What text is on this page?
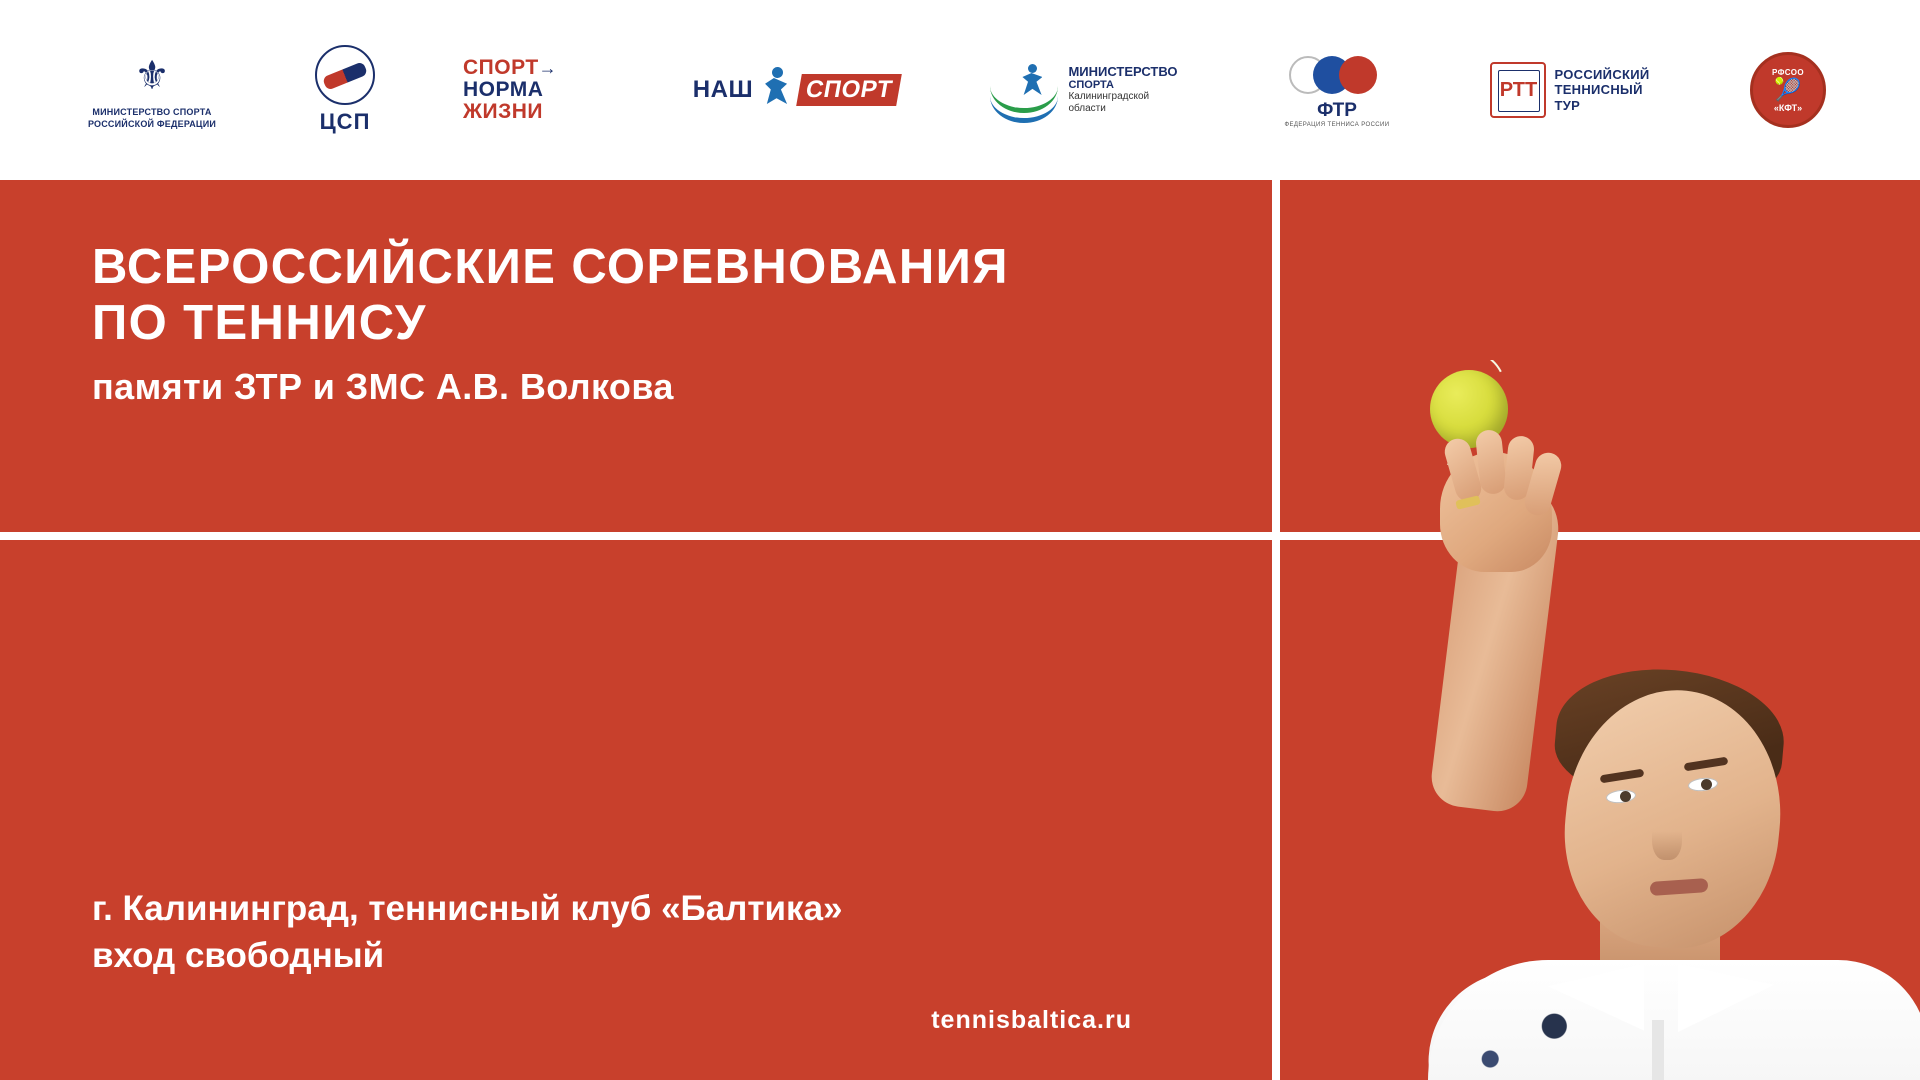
⚜
МИНИСТЕРСТВО СПОРТА
РОССИЙСКОЙ ФЕДЕРАЦИИ	ЦСП
СПОРТ→
НОРМА
ЖИЗНИ
НАШ	СПОРТ
МИНИСТЕРСТВО
СПОРТА
Калининградской
области	ФТР
ФЕДЕРАЦИЯ ТЕННИСА РОССИИ
РТТ
РОССИЙСКИЙ
ТЕННИСНЫЙ
ТУР
РФСОО
🎾
«КФТ»
ВСЕРОССИЙСКИЕ СОРЕВНОВАНИЯ
ПО ТЕННИСУ
памяти ЗТР и ЗМС А.В. Волкова
г. Калининград, теннисный клуб «Балтика»
вход свободный
tennisbaltica.ru
